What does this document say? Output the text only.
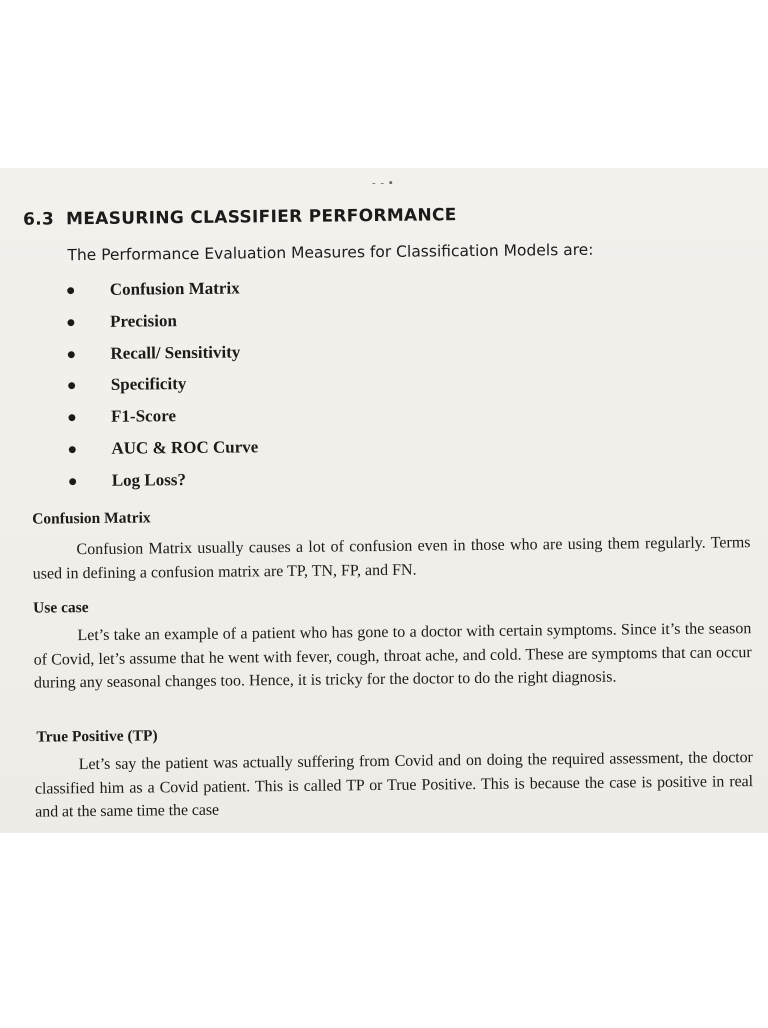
- - ▪
6.3 MEASURING CLASSIFIER PERFORMANCE
The Performance Evaluation Measures for Classification Models are:
● Confusion Matrix
● Precision
● Recall/ Sensitivity
● Specificity
● F1-Score
● AUC & ROC Curve
● Log Loss?
Confusion Matrix
Confusion Matrix usually causes a lot of confusion even in those who are using them regularly. Terms used in defining a confusion matrix are TP, TN, FP, and FN.
Use case
Let’s take an example of a patient who has gone to a doctor with certain symptoms. Since it’s the season of Covid, let’s assume that he went with fever, cough, throat ache, and cold. These are symptoms that can occur during any seasonal changes too. Hence, it is tricky for the doctor to do the right diagnosis.
True Positive (TP)
Let’s say the patient was actually suffering from Covid and on doing the required assessment, the doctor classified him as a Covid patient. This is called TP or True Positive. This is because the case is positive in real and at the same time the case
